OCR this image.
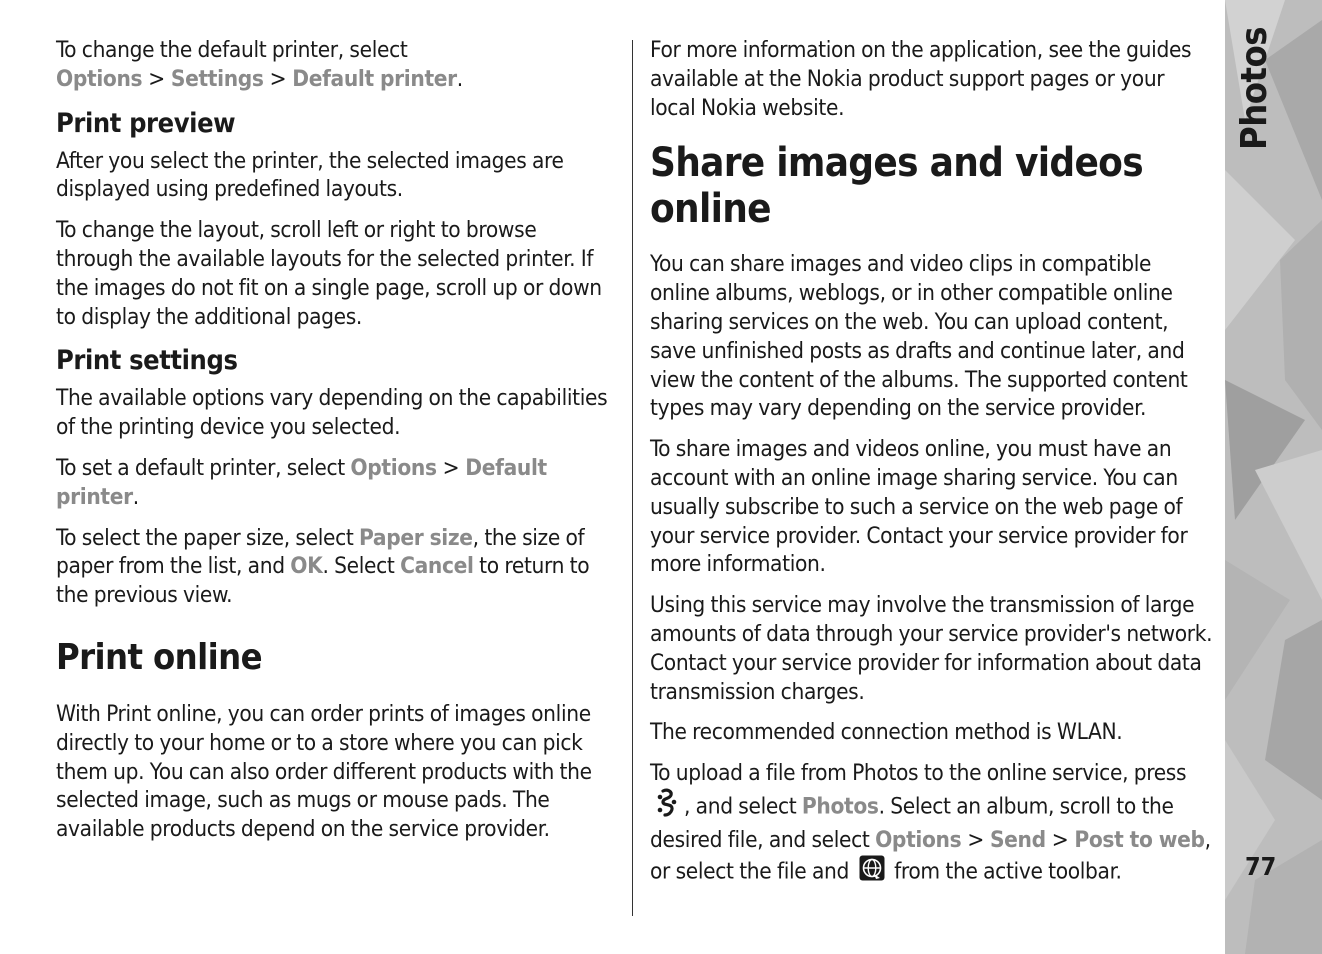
To change the default printer, select Options > Settings > Default printer.

Print preview

After you select the printer, the selected images are displayed using predefined layouts.

To change the layout, scroll left or right to browse through the available layouts for the selected printer. If the images do not fit on a single page, scroll up or down to display the additional pages.

Print settings

The available options vary depending on the capabilities of the printing device you selected.

To set a default printer, select Options > Default printer.

To select the paper size, select Paper size, the size of paper from the list, and OK. Select Cancel to return to the previous view.

Print online

With Print online, you can order prints of images online directly to your home or to a store where you can pick them up. You can also order different products with the selected image, such as mugs or mouse pads. The available products depend on the service provider.

For more information on the application, see the guides available at the Nokia product support pages or your local Nokia website.

Share images and videos online

You can share images and video clips in compatible online albums, weblogs, or in other compatible online sharing services on the web. You can upload content, save unfinished posts as drafts and continue later, and view the content of the albums. The supported content types may vary depending on the service provider.

To share images and videos online, you must have an account with an online image sharing service. You can usually subscribe to such a service on the web page of your service provider. Contact your service provider for more information.

Using this service may involve the transmission of large amounts of data through your service provider's network. Contact your service provider for information about data transmission charges.

The recommended connection method is WLAN.

To upload a file from Photos to the online service, press , and select Photos. Select an album, scroll to the desired file, and select Options > Send > Post to web, or select the file and  from the active toolbar.

Photos
77
